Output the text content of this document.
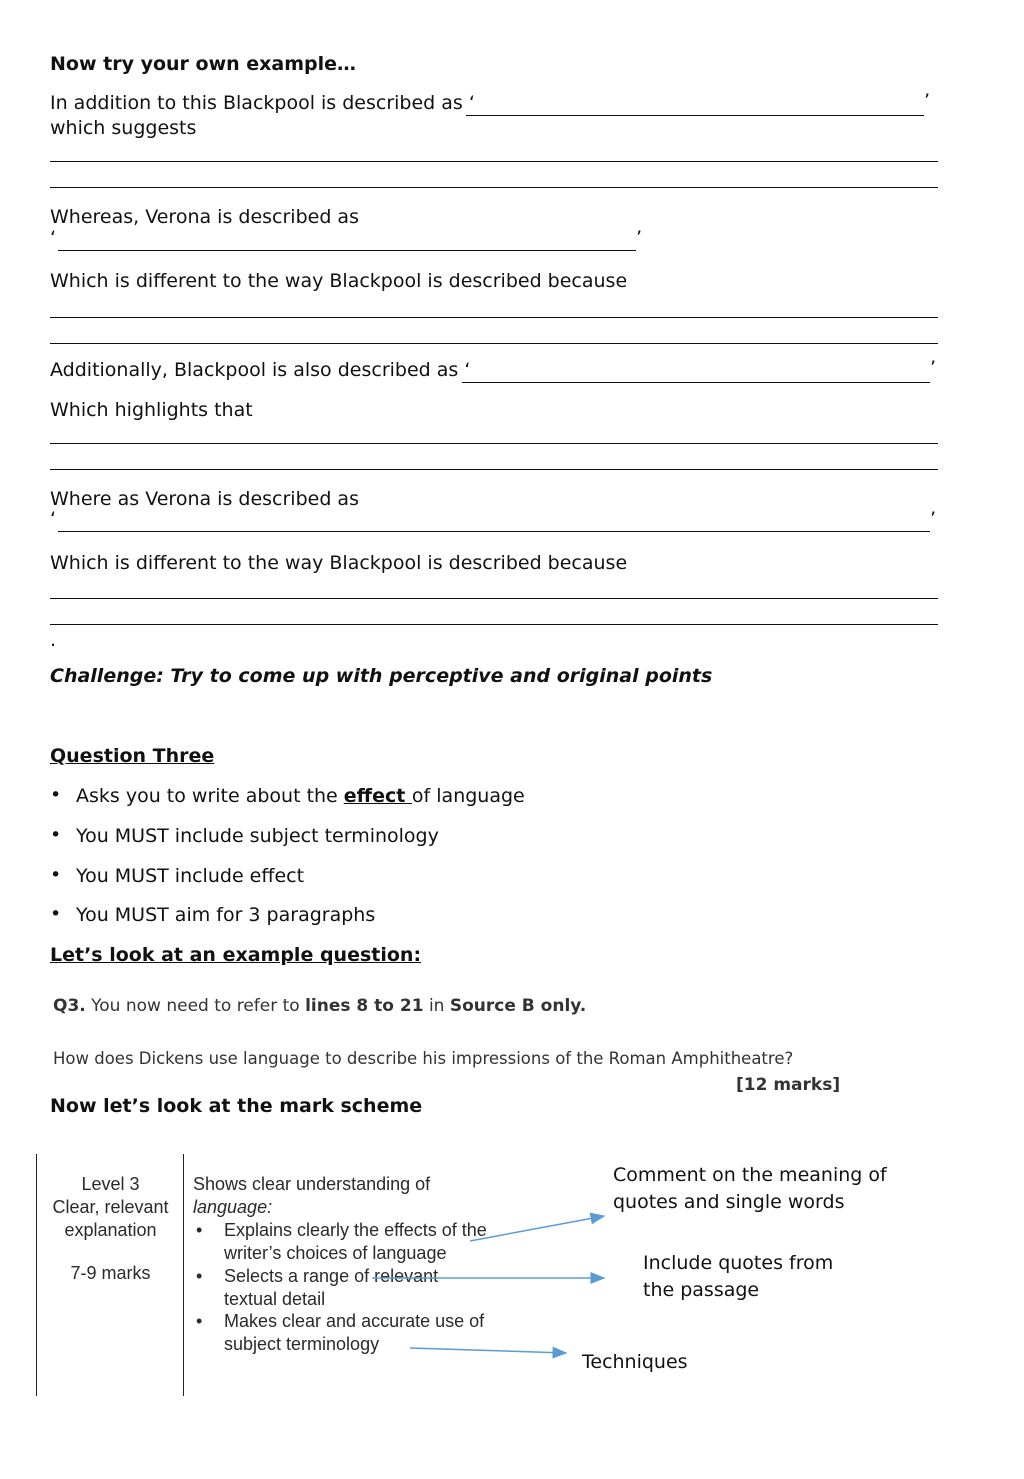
Now try your own example…
In addition to this Blackpool is described as ‘	’
which suggests
Whereas, Verona is described as
‘	’
Which is different to the way Blackpool is described because
Additionally, Blackpool is also described as ‘	’
Which highlights that
Where as Verona is described as
‘	’
Which is different to the way Blackpool is described because
.
Challenge: Try to come up with perceptive and original points
Question Three
• Asks you to write about the effect of language
• You MUST include subject terminology
• You MUST include effect
• You MUST aim for 3 paragraphs
Let’s look at an example question:
Q3. You now need to refer to lines 8 to 21 in Source B only.
How does Dickens use language to describe his impressions of the Roman Amphitheatre?
[12 marks]
Now let’s look at the mark scheme
Level 3
Clear, relevant
explanation
7-9 marks
Shows clear understanding of
language:
• Explains clearly the effects of the
writer’s choices of language
• Selects a range of relevant
textual detail
• Makes clear and accurate use of
subject terminology
Comment on the meaning of
quotes and single words
Include quotes from
the passage
Techniques
